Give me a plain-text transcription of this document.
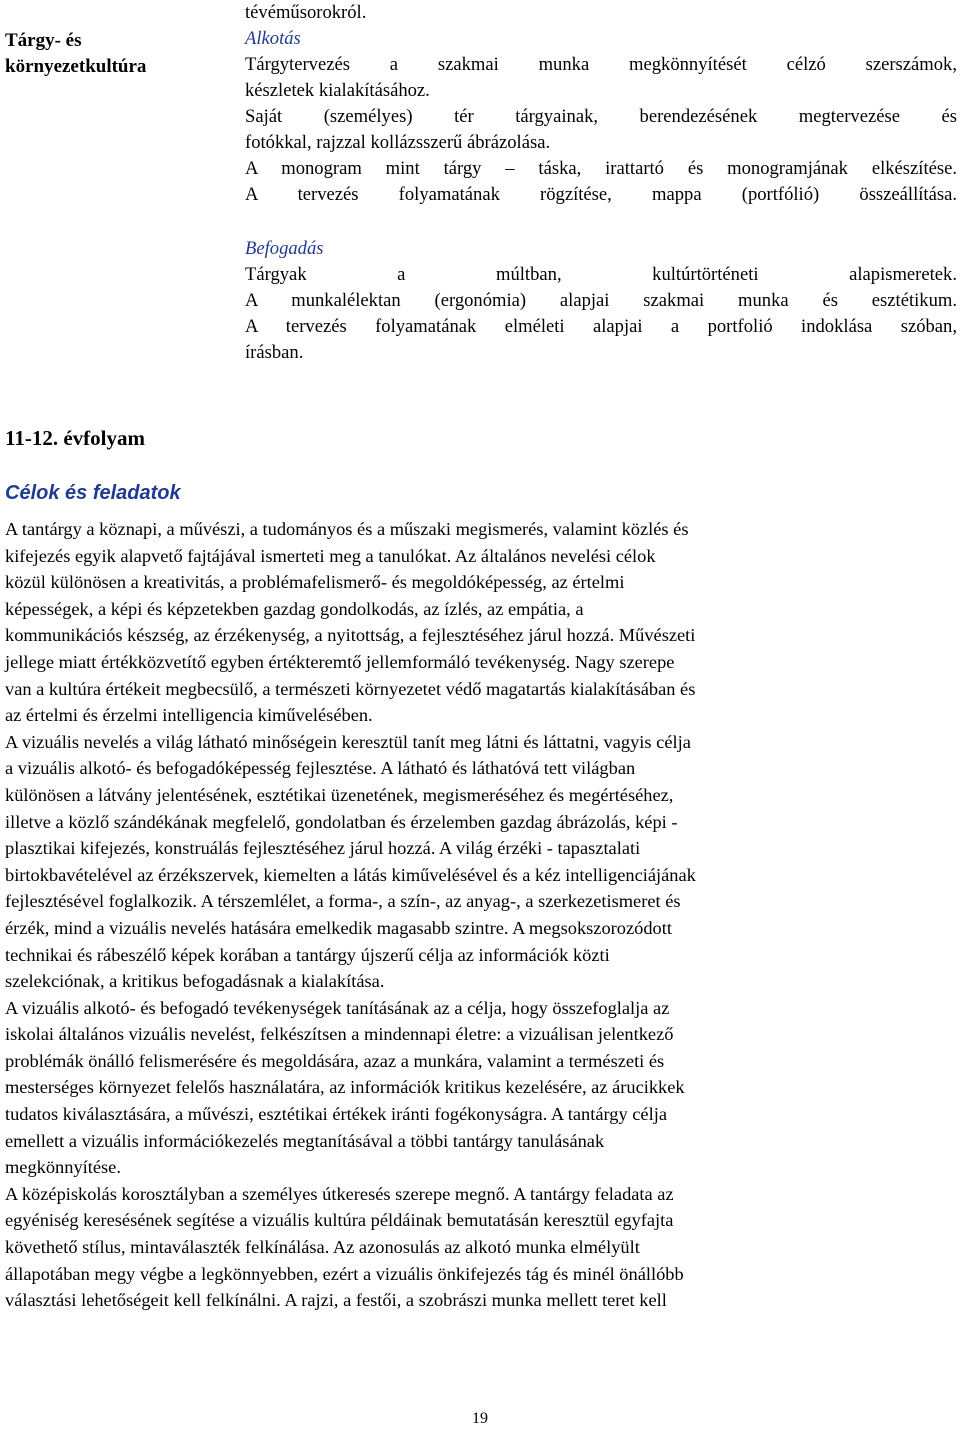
Tárgy- és
környezetkultúra
tévéműsorokról.
Alkotás
Tárgytervezés a szakmai munka megkönnyítését célzó szerszámok,
készletek kialakításához.
Saját (személyes) tér tárgyainak, berendezésének megtervezése és
fotókkal, rajzzal kollázsszerű ábrázolása.
A monogram mint tárgy – táska, irattartó és monogramjának elkészítése.
A tervezés folyamatának rögzítése, mappa (portfólió) összeállítása.
Befogadás
Tárgyak a múltban, kultúrtörténeti alapismeretek.
A munkalélektan (ergonómia) alapjai szakmai munka és esztétikum.
A tervezés folyamatának elméleti alapjai a portfolió indoklása szóban,
írásban.
11-12. évfolyam
Célok és feladatok
A tantárgy a köznapi, a művészi, a tudományos és a műszaki megismerés, valamint közlés és
kifejezés egyik alapvető fajtájával ismerteti meg a tanulókat. Az általános nevelési célok
közül különösen a kreativitás, a problémafelismerő- és megoldóképesség, az értelmi
képességek, a képi és képzetekben gazdag gondolkodás, az ízlés, az empátia, a
kommunikációs készség, az érzékenység, a nyitottság, a fejlesztéséhez járul hozzá. Művészeti
jellege miatt értékközvetítő egyben értékteremtő jellemformáló tevékenység. Nagy szerepe
van a kultúra értékeit megbecsülő, a természeti környezetet védő magatartás kialakításában és
az értelmi és érzelmi intelligencia kiművelésében.
A vizuális nevelés a világ látható minőségein keresztül tanít meg látni és láttatni, vagyis célja
a vizuális alkotó- és befogadóképesség fejlesztése. A látható és láthatóvá tett világban
különösen a látvány jelentésének, esztétikai üzenetének, megismeréséhez és megértéséhez,
illetve a közlő szándékának megfelelő, gondolatban és érzelemben gazdag ábrázolás, képi -
plasztikai kifejezés, konstruálás fejlesztéséhez járul hozzá. A világ érzéki - tapasztalati
birtokbavételével az érzékszervek, kiemelten a látás kiművelésével és a kéz intelligenciájának
fejlesztésével foglalkozik. A térszemlélet, a forma-, a szín-, az anyag-, a szerkezetismeret és
érzék, mind a vizuális nevelés hatására emelkedik magasabb szintre. A megsokszorozódott
technikai és rábeszélő képek korában a tantárgy újszerű célja az információk közti
szelekciónak, a kritikus befogadásnak a kialakítása.
A vizuális alkotó- és befogadó tevékenységek tanításának az a célja, hogy összefoglalja az
iskolai általános vizuális nevelést, felkészítsen a mindennapi életre: a vizuálisan jelentkező
problémák önálló felismerésére és megoldására, azaz a munkára, valamint a természeti és
mesterséges környezet felelős használatára, az információk kritikus kezelésére, az árucikkek
tudatos kiválasztására, a művészi, esztétikai értékek iránti fogékonyságra. A tantárgy célja
emellett a vizuális információkezelés megtanításával a többi tantárgy tanulásának
megkönnyítése.
A középiskolás korosztályban a személyes útkeresés szerepe megnő. A tantárgy feladata az
egyéniség keresésének segítése a vizuális kultúra példáinak bemutatásán keresztül egyfajta
követhető stílus, mintaválaszték felkínálása. Az azonosulás az alkotó munka elmélyült
állapotában megy végbe a legkönnyebben, ezért a vizuális önkifejezés tág és minél önállóbb
választási lehetőségeit kell felkínálni. A rajzi, a festői, a szobrászi munka mellett teret kell
19
